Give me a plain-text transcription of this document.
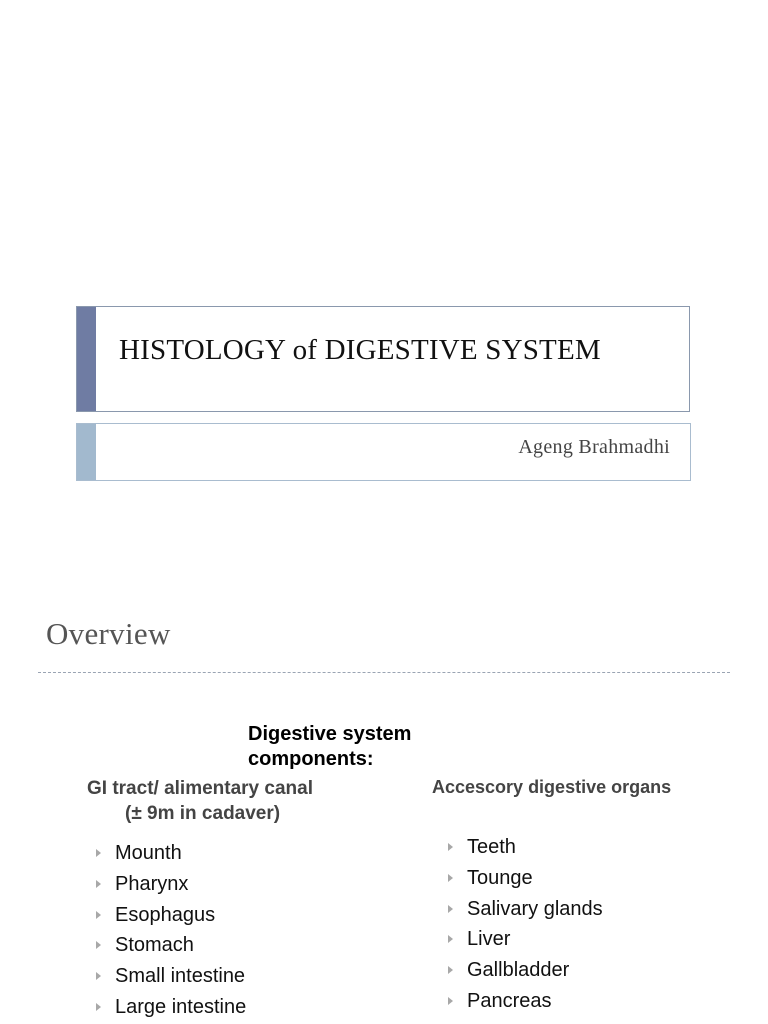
HISTOLOGY of DIGESTIVE SYSTEM
Ageng Brahmadhi
Overview
Digestive system
components:
GI tract/ alimentary canal
(± 9m in cadaver)
Accescory digestive organs
Mounth
Pharynx
Esophagus
Stomach
Small intestine
Large intestine
Teeth
Tounge
Salivary glands
Liver
Gallbladder
Pancreas
